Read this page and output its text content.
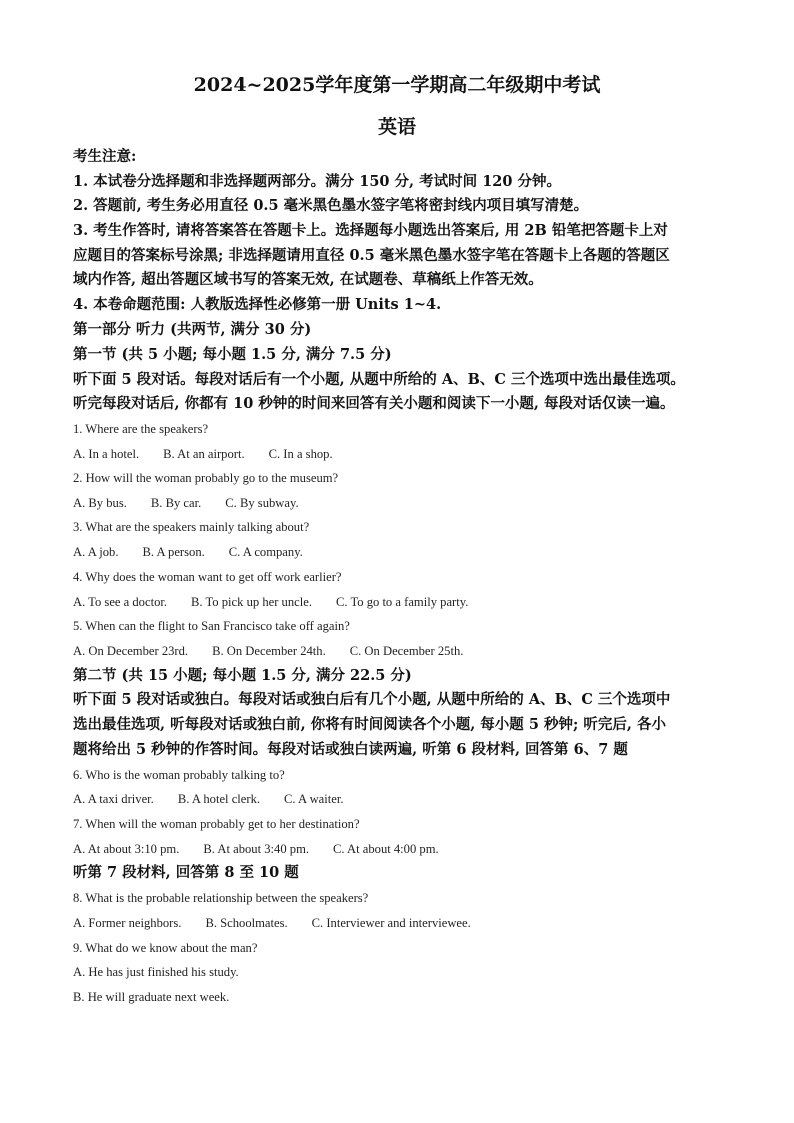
2024~2025学年度第一学期高二年级期中考试
英语
考生注意:
1. 本试卷分选择题和非选择题两部分。满分 150 分, 考试时间 120 分钟。
2. 答题前, 考生务必用直径 0.5 毫米黑色墨水签字笔将密封线内项目填写清楚。
3. 考生作答时, 请将答案答在答题卡上。选择题每小题选出答案后, 用 2B 铅笔把答题卡上对
应题目的答案标号涂黑; 非选择题请用直径 0.5 毫米黑色墨水签字笔在答题卡上各题的答题区
域内作答, 超出答题区域书写的答案无效, 在试题卷、草稿纸上作答无效。
4. 本卷命题范围: 人教版选择性必修第一册 Units 1~4.
第一部分 听力 (共两节, 满分 30 分)
第一节 (共 5 小题; 每小题 1.5 分, 满分 7.5 分)
听下面 5 段对话。每段对话后有一个小题, 从题中所给的 A、B、C 三个选项中选出最佳选项。
听完每段对话后, 你都有 10 秒钟的时间来回答有关小题和阅读下一小题, 每段对话仅读一遍。
1. Where are the speakers?
A. In a hotel. B. At an airport. C. In a shop.
2. How will the woman probably go to the museum?
A. By bus. B. By car. C. By subway.
3. What are the speakers mainly talking about?
A. A job. B. A person. C. A company.
4. Why does the woman want to get off work earlier?
A. To see a doctor. B. To pick up her uncle. C. To go to a family party.
5. When can the flight to San Francisco take off again?
A. On December 23rd. B. On December 24th. C. On December 25th.
第二节 (共 15 小题; 每小题 1.5 分, 满分 22.5 分)
听下面 5 段对话或独白。每段对话或独白后有几个小题, 从题中所给的 A、B、C 三个选项中
选出最佳选项, 听每段对话或独白前, 你将有时间阅读各个小题, 每小题 5 秒钟; 听完后, 各小
题将给出 5 秒钟的作答时间。每段对话或独白读两遍, 听第 6 段材料, 回答第 6、7 题
6. Who is the woman probably talking to?
A. A taxi driver. B. A hotel clerk. C. A waiter.
7. When will the woman probably get to her destination?
A. At about 3:10 pm. B. At about 3:40 pm. C. At about 4:00 pm.
听第 7 段材料, 回答第 8 至 10 题
8. What is the probable relationship between the speakers?
A. Former neighbors. B. Schoolmates. C. Interviewer and interviewee.
9. What do we know about the man?
A. He has just finished his study.
B. He will graduate next week.
